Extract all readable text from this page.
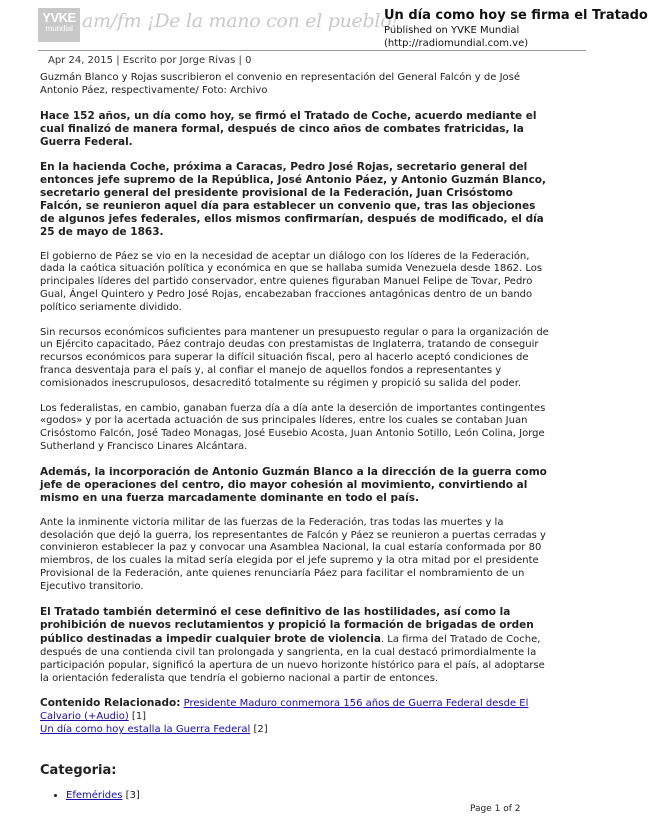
YVKE
mundial am/fm ¡De la mano con el pueblo!
Un día como hoy se firma el Tratado
Published on YVKE Mundial
(http://radiomundial.com.ve)
Apr 24, 2015 | Escrito por Jorge Rivas | 0

Guzmán Blanco y Rojas suscribieron el convenio en representación del General Falcón y de José Antonio Páez, respectivamente/ Foto: Archivo

Hace 152 años, un día como hoy, se firmó el Tratado de Coche, acuerdo mediante el cual finalizó de manera formal, después de cinco años de combates fratricidas, la Guerra Federal.

En la hacienda Coche, próxima a Caracas, Pedro José Rojas, secretario general del entonces jefe supremo de la República, José Antonio Páez, y Antonio Guzmán Blanco, secretario general del presidente provisional de la Federación, Juan Crisóstomo Falcón, se reunieron aquel día para establecer un convenio que, tras las objeciones de algunos jefes federales, ellos mismos confirmarían, después de modificado, el día 25 de mayo de 1863.

El gobierno de Páez se vio en la necesidad de aceptar un diálogo con los líderes de la Federación, dada la caótica situación política y económica en que se hallaba sumida Venezuela desde 1862. Los principales líderes del partido conservador, entre quienes figuraban Manuel Felipe de Tovar, Pedro Gual, Ángel Quintero y Pedro José Rojas, encabezaban fracciones antagónicas dentro de un bando político seriamente dividido.

Sin recursos económicos suficientes para mantener un presupuesto regular o para la organización de un Ejército capacitado, Páez contrajo deudas con prestamistas de Inglaterra, tratando de conseguir recursos económicos para superar la difícil situación fiscal, pero al hacerlo aceptó condiciones de franca desventaja para el país y, al confiar el manejo de aquellos fondos a representantes y comisionados inescrupulosos, desacreditó totalmente su régimen y propició su salida del poder.

Los federalistas, en cambio, ganaban fuerza día a día ante la deserción de importantes contingentes «godos» y por la acertada actuación de sus principales líderes, entre los cuales se contaban Juan Crisóstomo Falcón, José Tadeo Monagas, José Eusebio Acosta, Juan Antonio Sotillo, León Colina, Jorge Sutherland y Francisco Linares Alcántara.

Además, la incorporación de Antonio Guzmán Blanco a la dirección de la guerra como jefe de operaciones del centro, dio mayor cohesión al movimiento, convirtiendo al mismo en una fuerza marcadamente dominante en todo el país.

Ante la inminente victoria militar de las fuerzas de la Federación, tras todas las muertes y la desolación que dejó la guerra, los representantes de Falcón y Páez se reunieron a puertas cerradas y convinieron establecer la paz y convocar una Asamblea Nacional, la cual estaría conformada por 80 miembros, de los cuales la mitad sería elegida por el jefe supremo y la otra mitad por el presidente Provisional de la Federación, ante quienes renunciaría Páez para facilitar el nombramiento de un Ejecutivo transitorio.

El Tratado también determinó el cese definitivo de las hostilidades, así como la prohibición de nuevos reclutamientos y propició la formación de brigadas de orden público destinadas a impedir cualquier brote de violencia. La firma del Tratado de Coche, después de una contienda civil tan prolongada y sangrienta, en la cual destacó primordialmente la participación popular, significó la apertura de un nuevo horizonte histórico para el país, al adoptarse la orientación federalista que tendría el gobierno nacional a partir de entonces.

Contenido Relacionado: Presidente Maduro conmemora 156 años de Guerra Federal desde El Calvario (+Audio) [1]
Un día como hoy estalla la Guerra Federal [2]
Categoria:
• Efemérides [3]
Page 1 of 2
